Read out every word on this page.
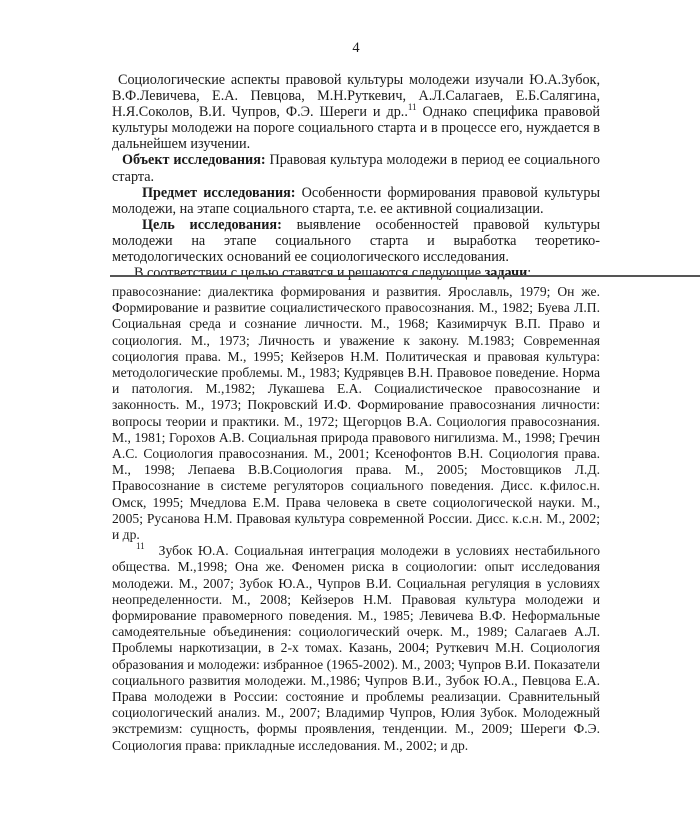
4

Социологические аспекты правовой культуры молодежи изучали Ю.А.Зубок, В.Ф.Левичева, Е.А. Певцова, М.Н.Руткевич, А.Л.Салагаев, Е.Б.Салягина, Н.Я.Соколов, В.И. Чупров, Ф.Э. Шереги и др..$^{11}$ Однако специфика правовой культуры молодежи на пороге социального старта и в процессе его, нуждается в дальнейшем изучении.

Объект исследования: Правовая культура молодежи в период ее социального старта.

Предмет исследования: Особенности формирования правовой культуры молодежи, на этапе социального старта, т.е. ее активной социализации.

Цель исследования: выявление особенностей правовой культуры молодежи на этапе социального старта и выработка теоретико-методологических оснований ее социологического исследования.

В соответствии с целью ставятся и решаются следующие задачи:

правосознание: диалектика формирования и развития. Ярославль, 1979; Он же. Формирование и развитие социалистического правосознания. М., 1982; Буева Л.П. Социальная среда и сознание личности. М., 1968; Казимирчук В.П. Право и социология. М., 1973; Личность и уважение к закону. М.1983; Современная социология права. М., 1995; Кейзеров Н.М. Политическая и правовая культура: методологические проблемы. М., 1983; Кудрявцев В.Н. Правовое поведение. Норма и патология. М.,1982; Лукашева Е.А. Социалистическое правосознание и законность. М., 1973; Покровский И.Ф. Формирование правосознания личности: вопросы теории и практики. М., 1972; Щегорцов В.А. Социология правосознания. М., 1981; Горохов А.В. Социальная природа правового нигилизма. М., 1998; Гречин А.С. Социология правосознания. М., 2001; Ксенофонтов В.Н. Социология права. М., 1998; Лепаева В.В.Социология права. М., 2005; Мостовщиков Л.Д. Правосознание в системе регуляторов социального поведения. Дисс. к.филос.н. Омск, 1995; Мчедлова Е.М. Права человека в свете социологической науки. М., 2005; Русанова Н.М. Правовая культура современной России. Дисс. к.с.н. М., 2002; и др.

$^{11}$ Зубок Ю.А. Социальная интеграция молодежи в условиях нестабильного общества. М.,1998; Она же. Феномен риска в социологии: опыт исследования молодежи. М., 2007; Зубок Ю.А., Чупров В.И. Социальная регуляция в условиях неопределенности. М., 2008; Кейзеров Н.М. Правовая культура молодежи и формирование правомерного поведения. М., 1985; Левичева В.Ф. Неформальные самодеятельные объединения: социологический очерк. М., 1989; Салагаев А.Л. Проблемы наркотизации, в 2-х томах. Казань, 2004; Руткевич М.Н. Социология образования и молодежи: избранное (1965-2002). М., 2003; Чупров В.И. Показатели социального развития молодежи. М.,1986; Чупров В.И., Зубок Ю.А., Певцова Е.А. Права молодежи в России: состояние и проблемы реализации. Сравнительный социологический анализ. М., 2007; Владимир Чупров, Юлия Зубок. Молодежный экстремизм: сущность, формы проявления, тенденции. М., 2009; Шереги Ф.Э. Социология права: прикладные исследования. М., 2002; и др.
